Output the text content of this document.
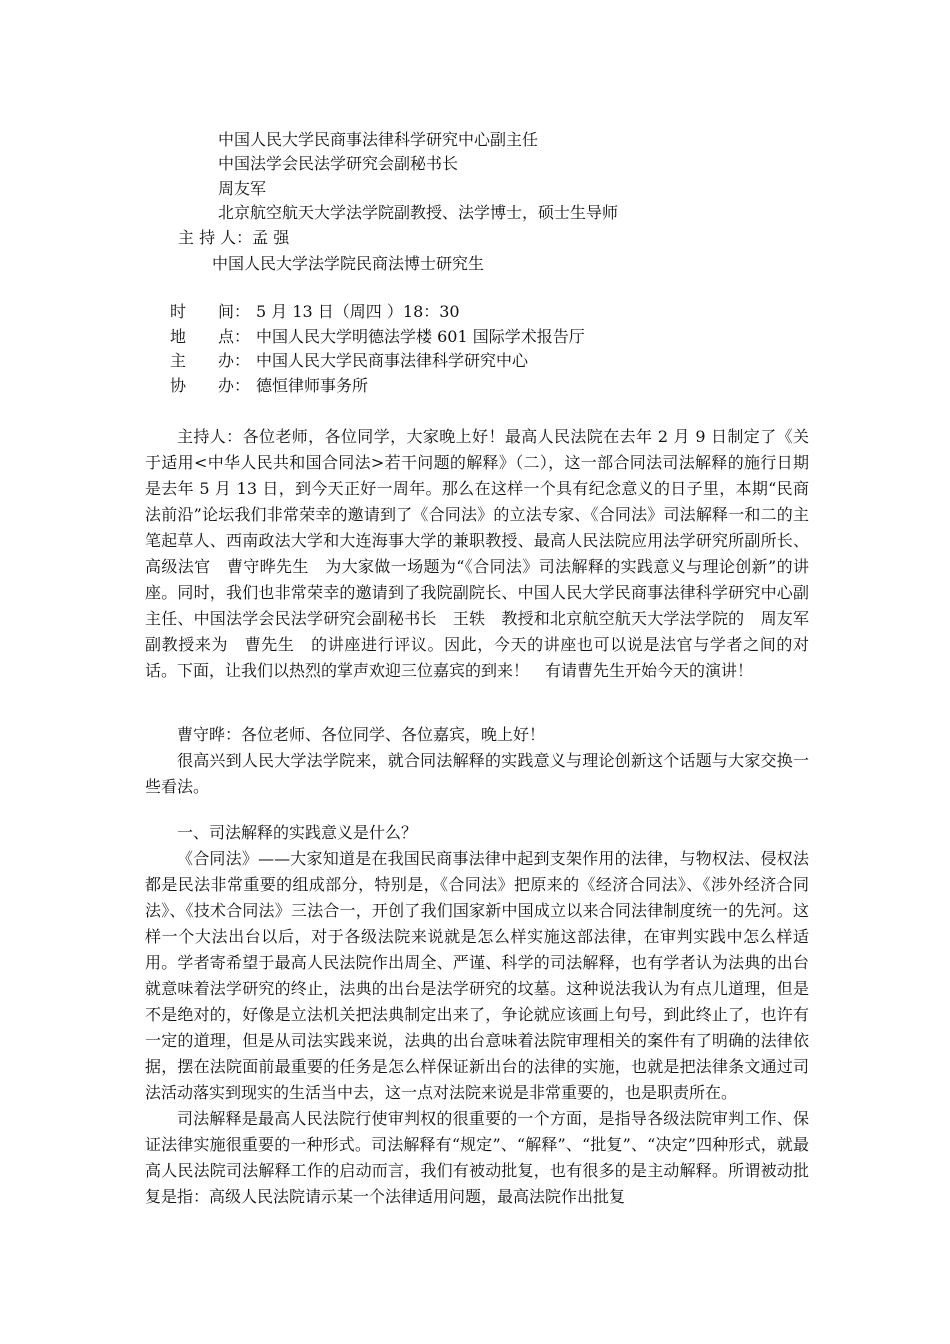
中国人民大学民商事法律科学研究中心副主任
中国法学会民法学研究会副秘书长
周友军
北京航空航天大学法学院副教授、法学博士，硕士生导师
主 持 人：孟 强
中国人民大学法学院民商法博士研究生
时　　间： 5 月 13 日（周四 ）18：30
地　　点： 中国人民大学明德法学楼 601 国际学术报告厅
主　　办： 中国人民大学民商事法律科学研究中心
协　　办： 德恒律师事务所

主持人：各位老师，各位同学，大家晚上好！最高人民法院在去年 2 月 9 日制定了《关于适用<中华人民共和国合同法>若干问题的解释》（二），这一部合同法司法解释的施行日期是去年 5 月 13 日，到今天正好一周年。那么在这样一个具有纪念意义的日子里，本期“民商法前沿”论坛我们非常荣幸的邀请到了《合同法》的立法专家、《合同法》司法解释一和二的主笔起草人、西南政法大学和大连海事大学的兼职教授、最高人民法院应用法学研究所副所长、高级法官　曹守晔先生　为大家做一场题为“《合同法》司法解释的实践意义与理论创新”的讲座。同时，我们也非常荣幸的邀请到了我院副院长、中国人民大学民商事法律科学研究中心副主任、中国法学会民法学研究会副秘书长　王轶　教授和北京航空航天大学法学院的　周友军　副教授来为　曹先生　的讲座进行评议。因此，今天的讲座也可以说是法官与学者之间的对话。下面，让我们以热烈的掌声欢迎三位嘉宾的到来！　有请曹先生开始今天的演讲！

曹守晔：各位老师、各位同学、各位嘉宾，晚上好！

很高兴到人民大学法学院来，就合同法解释的实践意义与理论创新这个话题与大家交换一些看法。

一、司法解释的实践意义是什么？

《合同法》——大家知道是在我国民商事法律中起到支架作用的法律，与物权法、侵权法都是民法非常重要的组成部分，特别是，《合同法》把原来的《经济合同法》、《涉外经济合同法》、《技术合同法》三法合一，开创了我们国家新中国成立以来合同法律制度统一的先河。这样一个大法出台以后，对于各级法院来说就是怎么样实施这部法律，在审判实践中怎么样适用。学者寄希望于最高人民法院作出周全、严谨、科学的司法解释，也有学者认为法典的出台就意味着法学研究的终止，法典的出台是法学研究的坟墓。这种说法我认为有点儿道理，但是不是绝对的，好像是立法机关把法典制定出来了，争论就应该画上句号，到此终止了，也许有一定的道理，但是从司法实践来说，法典的出台意味着法院审理相关的案件有了明确的法律依据，摆在法院面前最重要的任务是怎么样保证新出台的法律的实施，也就是把法律条文通过司法活动落实到现实的生活当中去，这一点对法院来说是非常重要的，也是职责所在。

司法解释是最高人民法院行使审判权的很重要的一个方面，是指导各级法院审判工作、保证法律实施很重要的一种形式。司法解释有“规定”、“解释”、“批复”、“决定”四种形式，就最高人民法院司法解释工作的启动而言，我们有被动批复，也有很多的是主动解释。所谓被动批复是指：高级人民法院请示某一个法律适用问题，最高法院作出批复
